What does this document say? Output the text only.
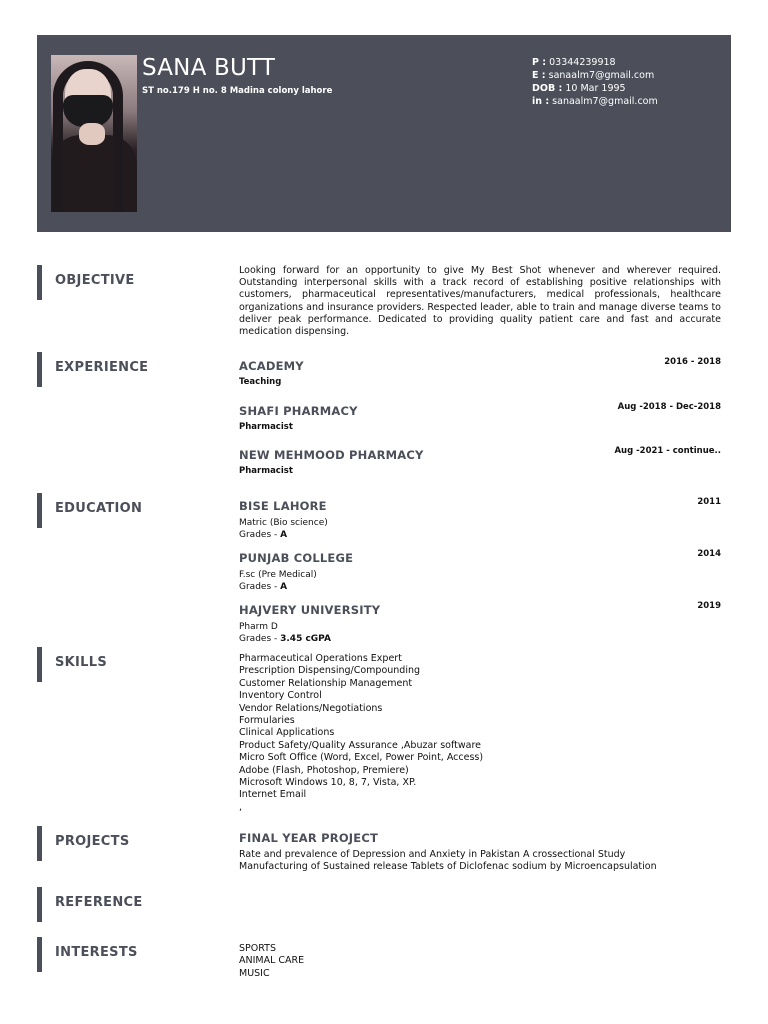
SANA BUTT
ST no.179 H no. 8 Madina colony lahore
P : 03344239918
E : sanaalm7@gmail.com
DOB : 10 Mar 1995
in : sanaalm7@gmail.com
OBJECTIVE

Looking forward for an opportunity to give My Best Shot whenever and wherever required. Outstanding interpersonal skills with a track record of establishing positive relationships with customers, pharmaceutical representatives/manufacturers, medical professionals, healthcare organizations and insurance providers. Respected leader, able to train and manage diverse teams to deliver peak performance. Dedicated to providing quality patient care and fast and accurate medication dispensing.

EXPERIENCE	ACADEMY
Teaching
2016 - 2018
SHAFI PHARMACY
Pharmacist
Aug -2018 - Dec-2018
NEW MEHMOOD PHARMACY
Pharmacist
Aug -2021 - continue..
EDUCATION	BISE LAHORE
Matric (Bio science)
Grades - A
2011
PUNJAB COLLEGE
F.sc (Pre Medical)
Grades - A
2014
HAJVERY UNIVERSITY
Pharm D
Grades - 3.45 cGPA
2019
SKILLS	Pharmaceutical Operations Expert
Prescription Dispensing/Compounding
Customer Relationship Management
Inventory Control
Vendor Relations/Negotiations
Formularies
Clinical Applications
Product Safety/Quality Assurance ,Abuzar software
Micro Soft Office (Word, Excel, Power Point, Access)
Adobe (Flash, Photoshop, Premiere)
Microsoft Windows 10, 8, 7, Vista, XP.
Internet Email
,
PROJECTS	FINAL YEAR PROJECT
Rate and prevalence of Depression and Anxiety in Pakistan A crossectional Study
Manufacturing of Sustained release Tablets of Diclofenac sodium by Microencapsulation
REFERENCE
INTERESTS	SPORTS
ANIMAL CARE
MUSIC
